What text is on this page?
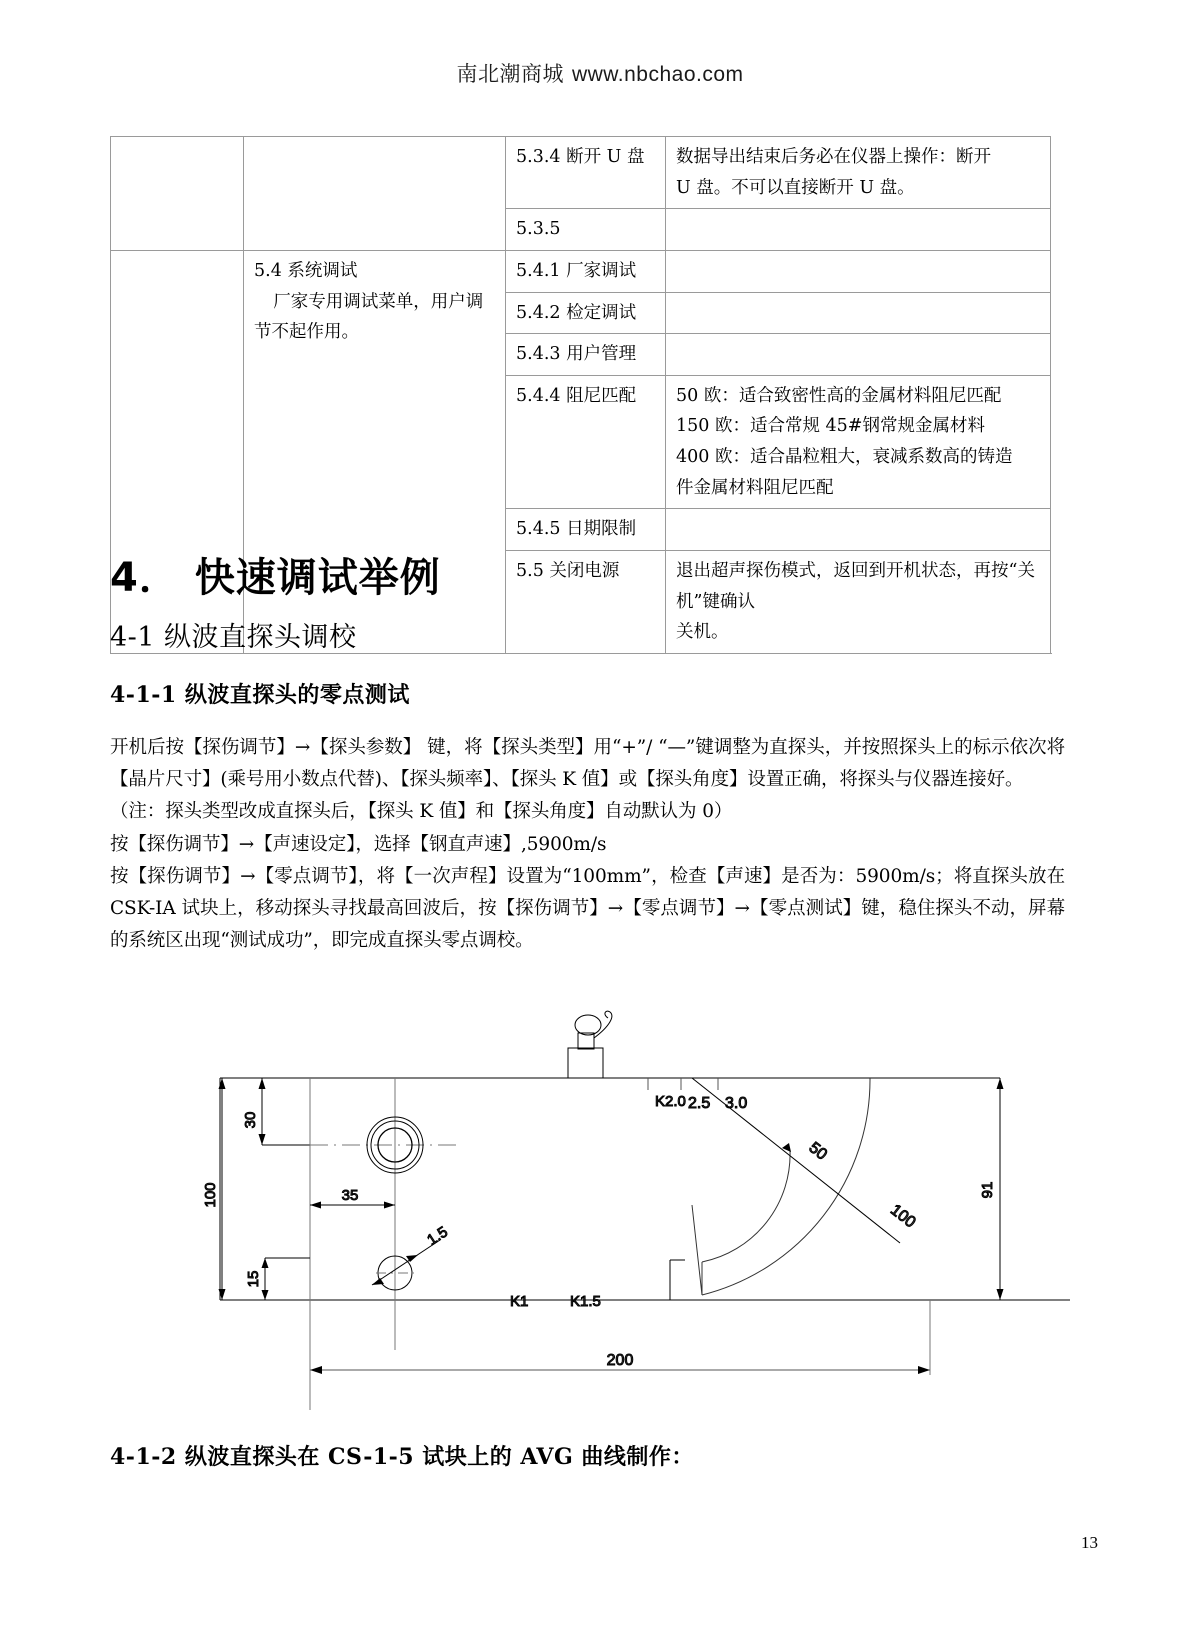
南北潮商城 www.nbchao.com
		5.3.4 断开 U 盘	数据导出结束后务必在仪器上操作：断开
U 盘。不可以直接断开 U 盘。
		5.3.5	
	5.4 系统调试

厂家专用调试菜单，用户调
节不起作用。	5.4.1 厂家调试	
		5.4.2 检定调试	
		5.4.3 用户管理	
		5.4.4 阻尼匹配	50 欧：适合致密性高的金属材料阻尼匹配
150 欧：适合常规 45#钢常规金属材料
400 欧：适合晶粒粗大，衰减系数高的铸造
件金属材料阻尼匹配
		5.4.5 日期限制	
		5.5 关闭电源	退出超声探伤模式，返回到开机状态，再按“关机”键确认
关机。
4． 快速调试举例
4-1 纵波直探头调校
4-1-1 纵波直探头的零点测试

开机后按【探伤调节】→【探头参数】 键，将【探头类型】用“+”/ “—”键调整为直探头，并按照探头上的标示依次将【晶片尺寸】(乘号用小数点代替)、【探头频率】、【探头 K 值】或【探头角度】设置正确，将探头与仪器连接好。

（注：探头类型改成直探头后，【探头 K 值】和【探头角度】自动默认为 0）

按【探伤调节】→【声速设定】，选择【钢直声速】,5900m/s

按【探伤调节】→【零点调节】，将【一次声程】设置为“100mm”，检查【声速】是否为：5900m/s；将直探头放在 CSK-IA 试块上，移动探头寻找最高回波后，按【探伤调节】→【零点调节】→【零点测试】键，稳住探头不动，屏幕的系统区出现“测试成功”，即完成直探头零点调校。

30
100	35
1.5
15
K2.0 2.5 3.0
K1	K1.5
50
100
91
200
4-1-2 纵波直探头在 CS-1-5 试块上的 AVG 曲线制作：
13
